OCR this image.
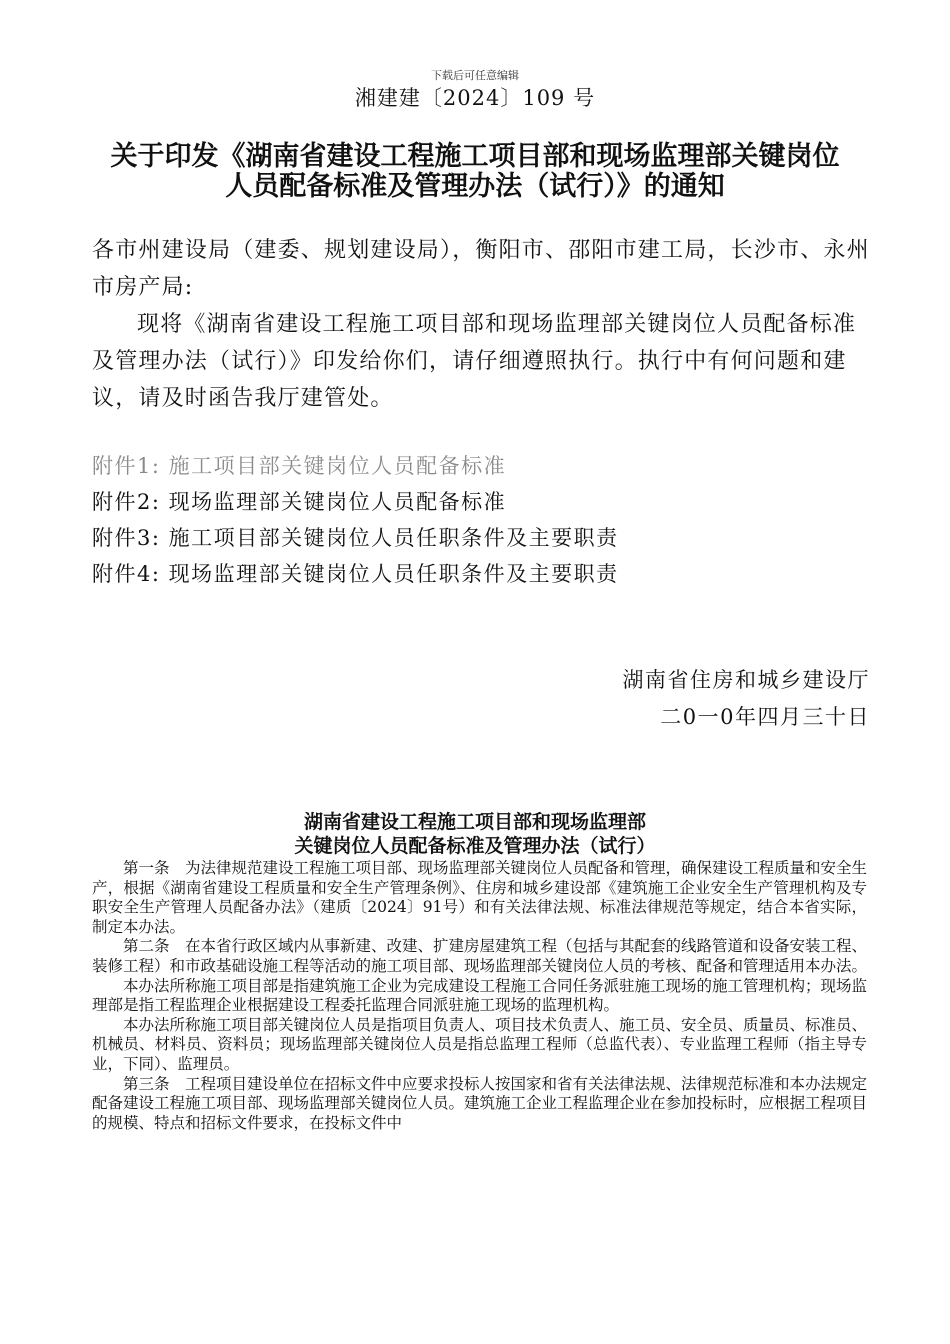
下载后可任意编辑
湘建建〔2024〕109 号
关于印发《湖南省建设工程施工项目部和现场监理部关键岗位
人员配备标准及管理办法（试行）》的通知
各市州建设局（建委、规划建设局），衡阳市、邵阳市建工局，长沙市、永州市房产局:
现将《湖南省建设工程施工项目部和现场监理部关键岗位人员配备标准及管理办法（试行）》印发给你们，请仔细遵照执行。执行中有何问题和建议，请及时函告我厅建管处。
附件1: 施工项目部关键岗位人员配备标准
附件2: 现场监理部关键岗位人员配备标准
附件3: 施工项目部关键岗位人员任职条件及主要职责
附件4: 现场监理部关键岗位人员任职条件及主要职责
湖南省住房和城乡建设厅
二0一0年四月三十日
湖南省建设工程施工项目部和现场监理部
关键岗位人员配备标准及管理办法（试行）

第一条　为法律规范建设工程施工项目部、现场监理部关键岗位人员配备和管理，确保建设工程质量和安全生产，根据《湖南省建设工程质量和安全生产管理条例》、住房和城乡建设部《建筑施工企业安全生产管理机构及专职安全生产管理人员配备办法》（建质〔2024〕91号）和有关法律法规、标准法律规范等规定，结合本省实际，制定本办法。

第二条　在本省行政区域内从事新建、改建、扩建房屋建筑工程（包括与其配套的线路管道和设备安装工程、装修工程）和市政基础设施工程等活动的施工项目部、现场监理部关键岗位人员的考核、配备和管理适用本办法。

本办法所称施工项目部是指建筑施工企业为完成建设工程施工合同任务派驻施工现场的施工管理机构；现场监理部是指工程监理企业根据建设工程委托监理合同派驻施工现场的监理机构。

本办法所称施工项目部关键岗位人员是指项目负责人、项目技术负责人、施工员、安全员、质量员、标准员、机械员、材料员、资料员；现场监理部关键岗位人员是指总监理工程师（总监代表）、专业监理工程师（指主导专业，下同）、监理员。

第三条　工程项目建设单位在招标文件中应要求投标人按国家和省有关法律法规、法律规范标准和本办法规定配备建设工程施工项目部、现场监理部关键岗位人员。建筑施工企业工程监理企业在参加投标时，应根据工程项目的规模、特点和招标文件要求，在投标文件中
